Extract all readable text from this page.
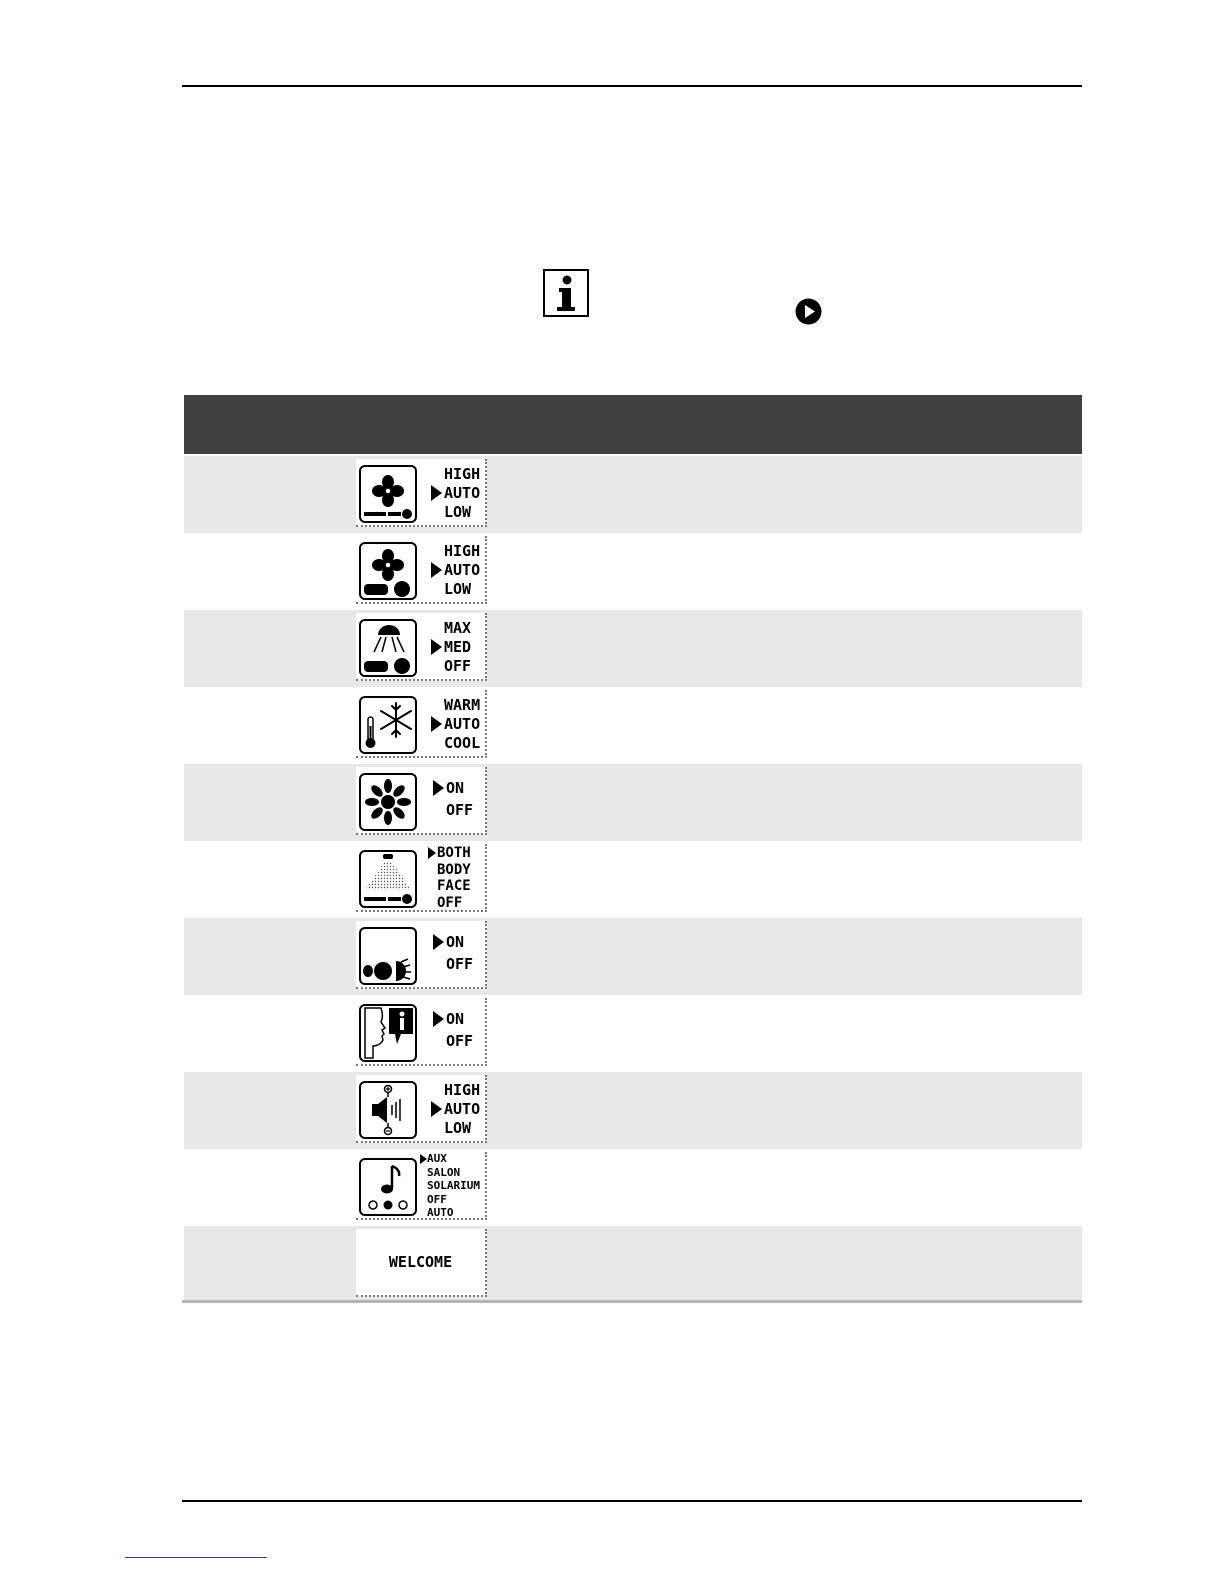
HIGH
AUTO
LOW
HIGH
AUTO
LOW
MAX
MED
OFF
WARM
AUTO
COOL
ON
OFF
BOTH
BODY
FACE
OFF
ON
OFF
ON
OFF
HIGH
AUTO
LOW
AUX
SALON
SOLARIUM
OFF
AUTO
WELCOME
